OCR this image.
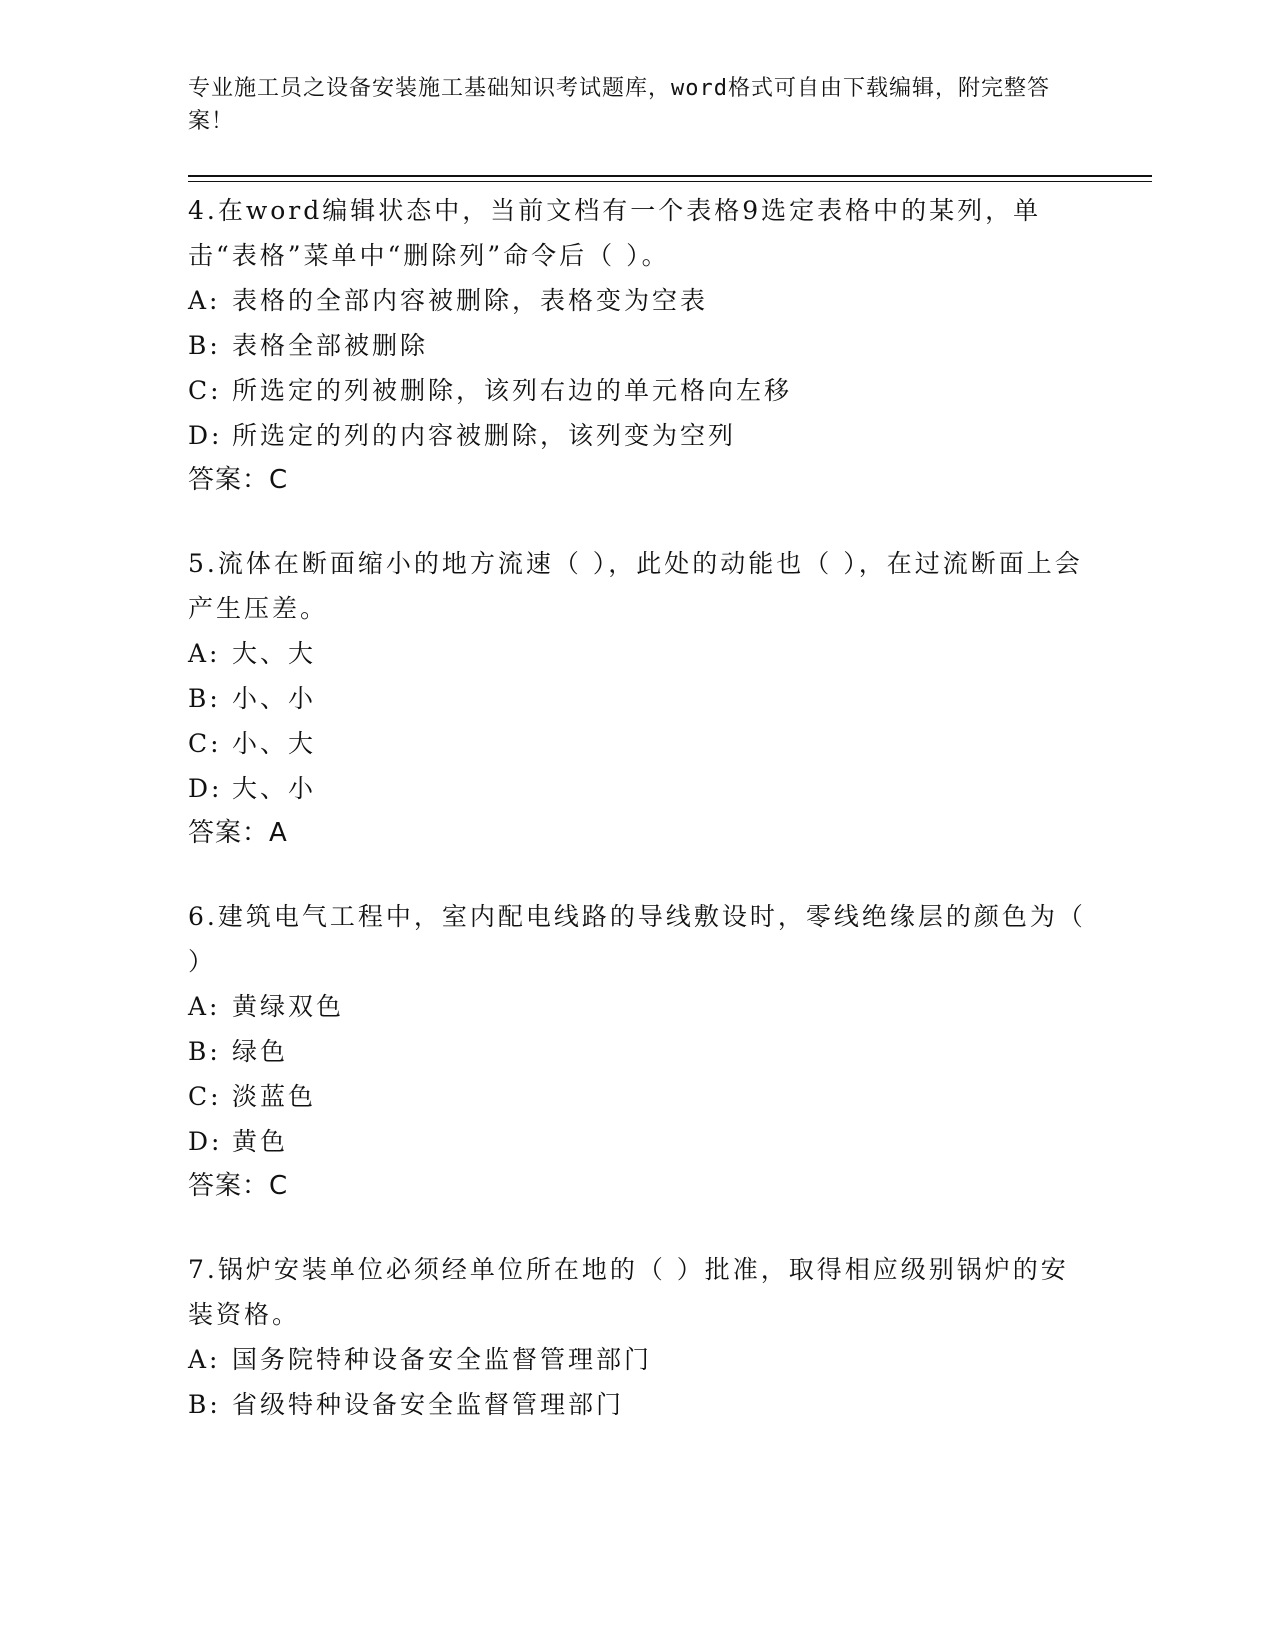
专业施工员之设备安装施工基础知识考试题库，word格式可自由下载编辑，附完整答案！

4.在word编辑状态中，当前文档有一个表格9选定表格中的某列，单击“表格”菜单中“删除列”命令后（ ）。

A: 表格的全部内容被删除，表格变为空表
B: 表格全部被删除
C: 所选定的列被删除，该列右边的单元格向左移
D: 所选定的列的内容被删除，该列变为空列

答案：C

5.流体在断面缩小的地方流速（ ），此处的动能也（ ），在过流断面上会产生压差。

A: 大、大
B: 小、小
C: 小、大
D: 大、小

答案：A

6.建筑电气工程中，室内配电线路的导线敷设时，零线绝缘层的颜色为（ ）

A: 黄绿双色
B: 绿色
C: 淡蓝色
D: 黄色

答案：C

7.锅炉安装单位必须经单位所在地的（ ）批准，取得相应级别锅炉的安装资格。

A: 国务院特种设备安全监督管理部门
B: 省级特种设备安全监督管理部门
